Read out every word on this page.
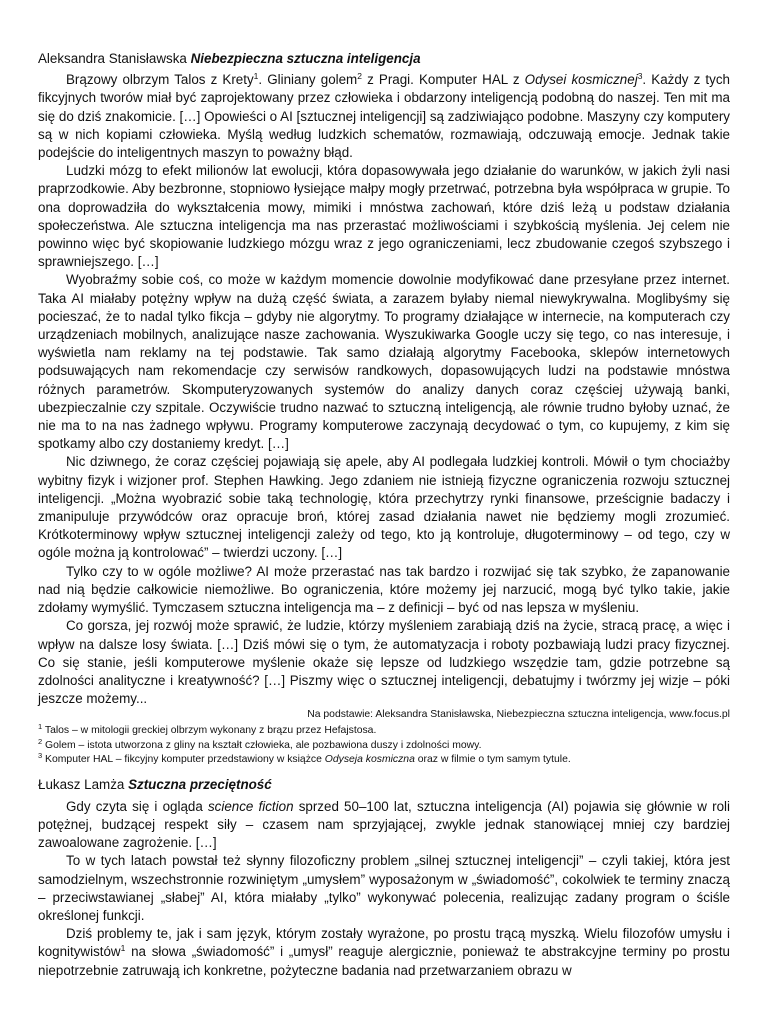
Aleksandra Stanisławska Niebezpieczna sztuczna inteligencja

Brązowy olbrzym Talos z Krety$^1$. Gliniany golem$^2$ z Pragi. Komputer HAL z Odysei kosmicznej$^3$. Każdy z tych fikcyjnych tworów miał być zaprojektowany przez człowieka i obdarzony inteligencją podobną do naszej. Ten mit ma się do dziś znakomicie. […] Opowieści o AI [sztucznej inteligencji] są zadziwiająco podobne. Maszyny czy komputery są w nich kopiami człowieka. Myślą według ludzkich schematów, rozmawiają, odczuwają emocje. Jednak takie podejście do inteligentnych maszyn to poważny błąd.

Ludzki mózg to efekt milionów lat ewolucji, która dopasowywała jego działanie do warunków, w jakich żyli nasi praprzodkowie. Aby bezbronne, stopniowo łysiejące małpy mogły przetrwać, potrzebna była współpraca w grupie. To ona doprowadziła do wykształcenia mowy, mimiki i mnóstwa zachowań, które dziś leżą u podstaw działania społeczeństwa. Ale sztuczna inteligencja ma nas przerastać możliwościami i szybkością myślenia. Jej celem nie powinno więc być skopiowanie ludzkiego mózgu wraz z jego ograniczeniami, lecz zbudowanie czegoś szybszego i sprawniejszego. […]

Wyobraźmy sobie coś, co może w każdym momencie dowolnie modyfikować dane przesyłane przez internet. Taka AI miałaby potężny wpływ na dużą część świata, a zarazem byłaby niemal niewykrywalna. Moglibyśmy się pocieszać, że to nadal tylko fikcja – gdyby nie algorytmy. To programy działające w internecie, na komputerach czy urządzeniach mobilnych, analizujące nasze zachowania. Wyszukiwarka Google uczy się tego, co nas interesuje, i wyświetla nam reklamy na tej podstawie. Tak samo działają algorytmy Facebooka, sklepów internetowych podsuwających nam rekomendacje czy serwisów randkowych, dopasowujących ludzi na podstawie mnóstwa różnych parametrów. Skomputeryzowanych systemów do analizy danych coraz częściej używają banki, ubezpieczalnie czy szpitale. Oczywiście trudno nazwać to sztuczną inteligencją, ale równie trudno byłoby uznać, że nie ma to na nas żadnego wpływu. Programy komputerowe zaczynają decydować o tym, co kupujemy, z kim się spotkamy albo czy dostaniemy kredyt. […]

Nic dziwnego, że coraz częściej pojawiają się apele, aby AI podlegała ludzkiej kontroli. Mówił o tym chociażby wybitny fizyk i wizjoner prof. Stephen Hawking. Jego zdaniem nie istnieją fizyczne ograniczenia rozwoju sztucznej inteligencji. „Można wyobrazić sobie taką technologię, która przechytrzy rynki finansowe, prześcignie badaczy i zmanipuluje przywódców oraz opracuje broń, której zasad działania nawet nie będziemy mogli zrozumieć. Krótkoterminowy wpływ sztucznej inteligencji zależy od tego, kto ją kontroluje, długoterminowy – od tego, czy w ogóle można ją kontrolować” – twierdzi uczony. […]

Tylko czy to w ogóle możliwe? AI może przerastać nas tak bardzo i rozwijać się tak szybko, że zapanowanie nad nią będzie całkowicie niemożliwe. Bo ograniczenia, które możemy jej narzucić, mogą być tylko takie, jakie zdołamy wymyślić. Tymczasem sztuczna inteligencja ma – z definicji – być od nas lepsza w myśleniu.

Co gorsza, jej rozwój może sprawić, że ludzie, którzy myśleniem zarabiają dziś na życie, stracą pracę, a więc i wpływ na dalsze losy świata. […] Dziś mówi się o tym, że automatyzacja i roboty pozbawiają ludzi pracy fizycznej. Co się stanie, jeśli komputerowe myślenie okaże się lepsze od ludzkiego wszędzie tam, gdzie potrzebne są zdolności analityczne i kreatywność? […] Piszmy więc o sztucznej inteligencji, debatujmy i twórzmy jej wizje – póki jeszcze możemy...

Na podstawie: Aleksandra Stanisławska, Niebezpieczna sztuczna inteligencja, www.focus.pl

$^1$ Talos – w mitologii greckiej olbrzym wykonany z brązu przez Hefajstosa.

$^2$ Golem – istota utworzona z gliny na kształt człowieka, ale pozbawiona duszy i zdolności mowy.

$^3$ Komputer HAL – fikcyjny komputer przedstawiony w książce Odyseja kosmiczna oraz w filmie o tym samym tytule.

Łukasz Lamża Sztuczna przeciętność

Gdy czyta się i ogląda science fiction sprzed 50–100 lat, sztuczna inteligencja (AI) pojawia się głównie w roli potężnej, budzącej respekt siły – czasem nam sprzyjającej, zwykle jednak stanowiącej mniej czy bardziej zawoalowane zagrożenie. […]

To w tych latach powstał też słynny filozoficzny problem „silnej sztucznej inteligencji” – czyli takiej, która jest samodzielnym, wszechstronnie rozwiniętym „umysłem” wyposażonym w „świadomość”, cokolwiek te terminy znaczą – przeciwstawianej „słabej” AI, która miałaby „tylko” wykonywać polecenia, realizując zadany program o ściśle określonej funkcji.

Dziś problemy te, jak i sam język, którym zostały wyrażone, po prostu trącą myszką. Wielu filozofów umysłu i kognitywistów$^1$ na słowa „świadomość” i „umysł” reaguje alergicznie, ponieważ te abstrakcyjne terminy po prostu niepotrzebnie zatruwają ich konkretne, pożyteczne badania nad przetwarzaniem obrazu w
